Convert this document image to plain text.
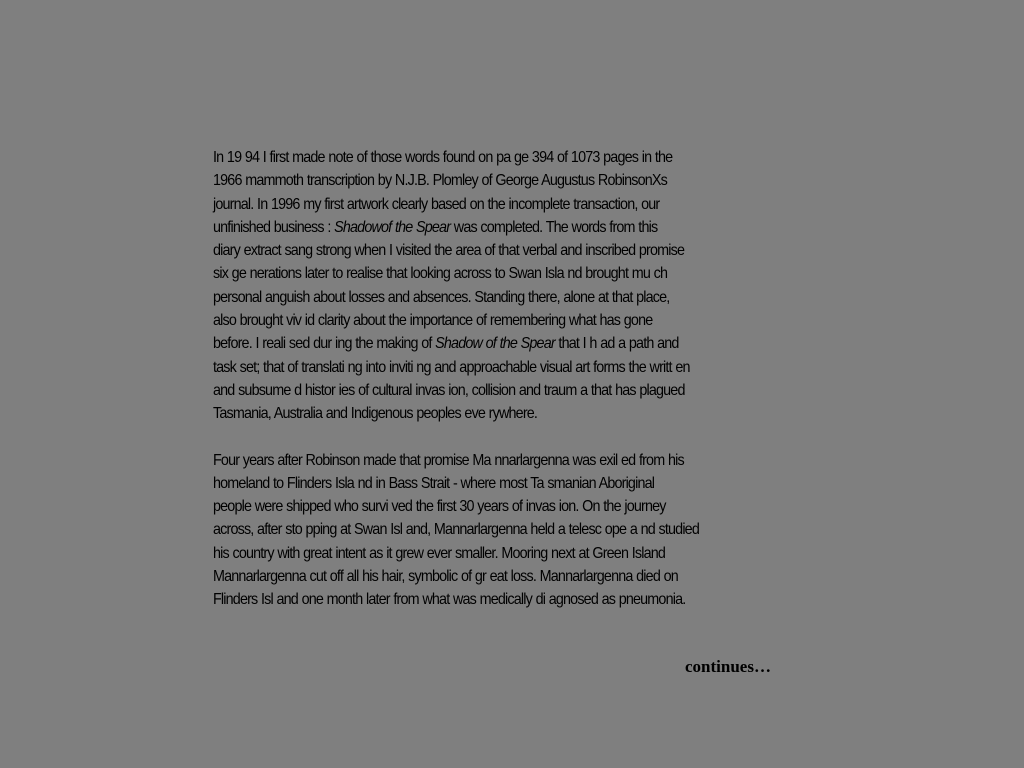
In 19 94 I first made note of those words found on pa ge 394 of 1073 pages in the
1966 mammoth transcription by N.J.B. Plomley of George Augustus RobinsonXs
journal. In 1996 my first artwork clearly based on the incomplete transaction, our
unfinished business : Shadowof the Spear was completed. The words from this
diary extract sang strong when I visited the area of that verbal and inscribed promise
six ge nerations later to realise that looking across to Swan Isla nd brought mu ch
personal anguish about losses and absences. Standing there, alone at that place,
also brought viv id clarity about the importance of remembering what has gone
before. I reali sed dur ing the making of Shadow of the Spear that I h ad a path and
task set; that of translati ng into inviti ng and approachable visual art forms the writt en
and subsume d histor ies of cultural invas ion, collision and traum a that has plagued
Tasmania, Australia and Indigenous peoples eve rywhere.

Four years after Robinson made that promise Ma nnarlargenna was exil ed from his
homeland to Flinders Isla nd in Bass Strait - where most Ta smanian Aboriginal
people were shipped who survi ved the first 30 years of invas ion. On the journey
across, after sto pping at Swan Isl and, Mannarlargenna held a telesc ope a nd studied
his country with great intent as it grew ever smaller. Mooring next at Green Island
Mannarlargenna cut off all his hair, symbolic of gr eat loss. Mannarlargenna died on
Flinders Isl and one month later from what was medically di agnosed as pneumonia.

continues…
